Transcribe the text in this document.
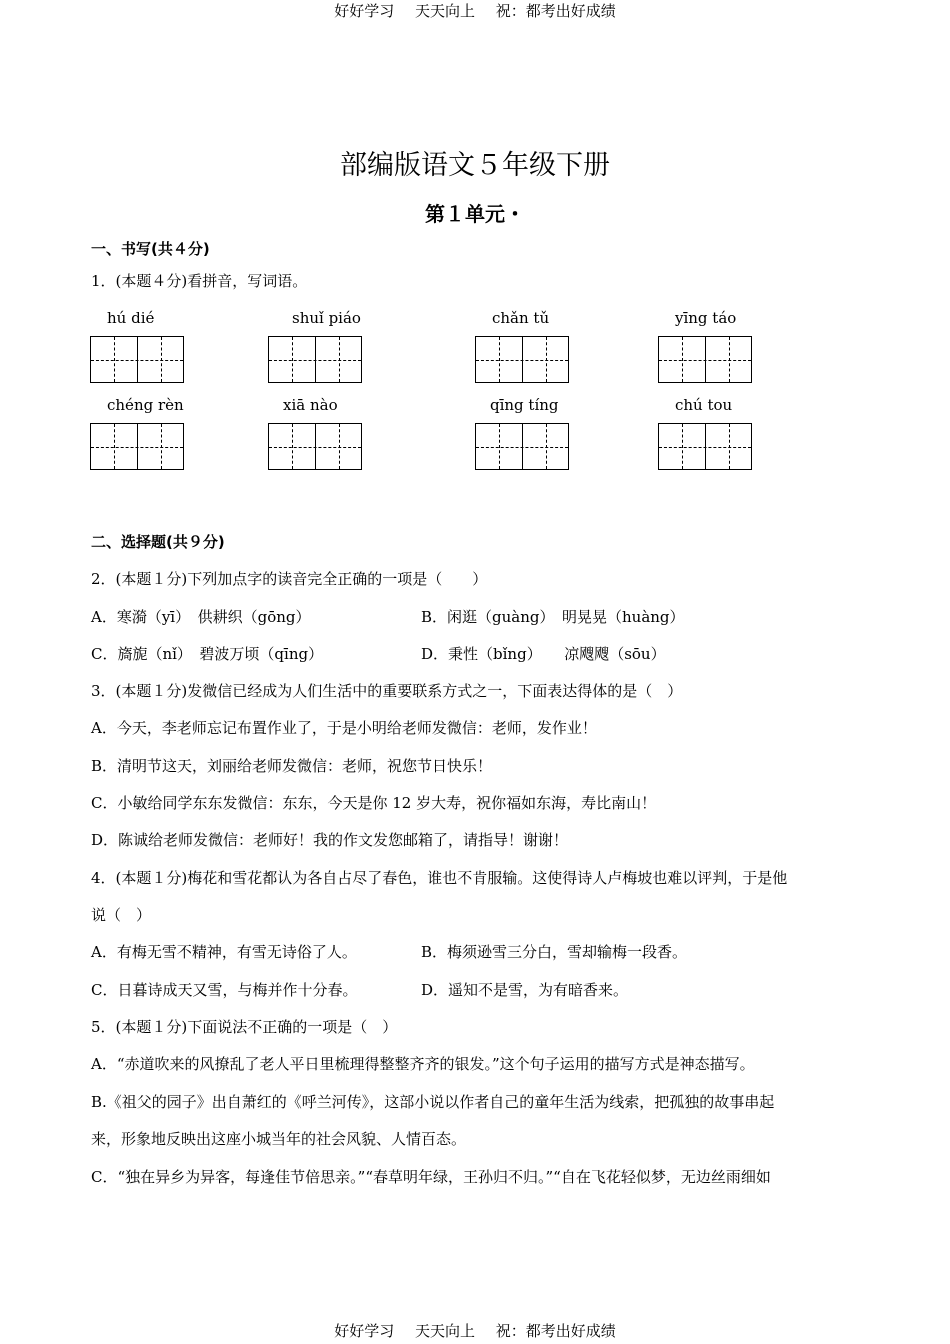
好好学习 天天向上 祝：都考出好成绩
部编版语文５年级下册
第１单元・
一、书写(共４分)
1．(本题４分)看拼音，写词语。
hú dié	shuǐ piáo	chǎn tǔ	yīng táo
chéng rèn	xiā nào	qīng tíng	chú tou
二、选择题(共９分)
2．(本题１分)下列加点字的读音完全正确的一项是（　　）
A．寒漪（yī）　供耕织（gōng）	B．闲逛（guàng）　明晃晃（huàng）
C．旖旎（nǐ）　碧波万顷（qīng）	D．秉性（bǐng）　　凉飕飕（sōu）
3．(本题１分)发微信已经成为人们生活中的重要联系方式之一，下面表达得体的是（　）
A．今天，李老师忘记布置作业了，于是小明给老师发微信：老师，发作业！
B．清明节这天，刘丽给老师发微信：老师，祝您节日快乐！
C．小敏给同学东东发微信：东东，今天是你 12 岁大寿，祝你福如东海，寿比南山！
D．陈诚给老师发微信：老师好！我的作文发您邮箱了，请指导！谢谢！
4．(本题１分)梅花和雪花都认为各自占尽了春色，谁也不肯服输。这使得诗人卢梅坡也难以评判，于是他
说（　）
A．有梅无雪不精神，有雪无诗俗了人。	B．梅须逊雪三分白，雪却输梅一段香。
C．日暮诗成天又雪，与梅并作十分春。	D．遥知不是雪，为有暗香来。
5．(本题１分)下面说法不正确的一项是（　）
A．“赤道吹来的风撩乱了老人平日里梳理得整整齐齐的银发。”这个句子运用的描写方式是神态描写。
B.《祖父的园子》出自萧红的《呼兰河传》，这部小说以作者自己的童年生活为线索，把孤独的故事串起
来，形象地反映出这座小城当年的社会风貌、人情百态。
C．“独在异乡为异客，每逢佳节倍思亲。”“春草明年绿，王孙归不归。”“自在飞花轻似梦，无边丝雨细如
好好学习 天天向上 祝：都考出好成绩
